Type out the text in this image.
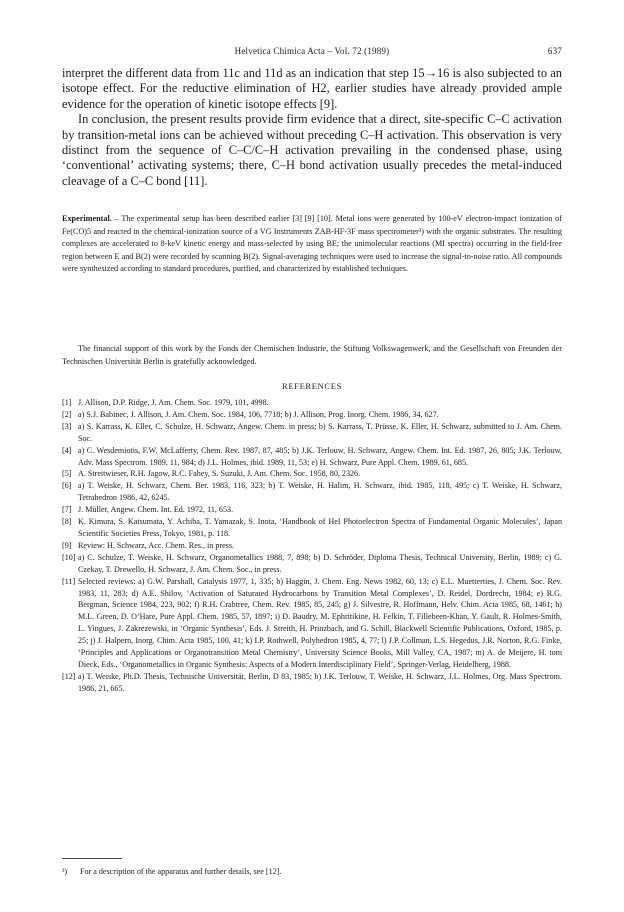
Helvetica Chimica Acta – Vol. 72 (1989)	637

interpret the different data from 11c and 11d as an indication that step 15→16 is also subjected to an isotope effect. For the reductive elimination of H2, earlier studies have already provided ample evidence for the operation of kinetic isotope effects [9].

In conclusion, the present results provide firm evidence that a direct, site-specific C–C activation by transition-metal ions can be achieved without preceding C–H activation. This observation is very distinct from the sequence of C–C/C–H activation prevailing in the condensed phase, using ‘conventional’ activating systems; there, C–H bond activation usually precedes the metal-induced cleavage of a C–C bond [11].

Experimental. – The experimental setup has been described earlier [3] [9] [10]. Metal ions were generated by 100-eV electron-impact ionization of Fe(CO)5 and reacted in the chemical-ionization source of a VG Instruments ZAB-HF-3F mass spectrometer³) with the organic substrates. The resulting complexes are accelerated to 8-keV kinetic energy and mass-selected by using BE; the unimolecular reactions (MI spectra) occurring in the field-free region between E and B(2) were recorded by scanning B(2). Signal-averaging techniques were used to increase the signal-to-noise ratio. All compounds were synthesized according to standard procedures, purified, and characterized by established techniques.

The financial support of this work by the Fonds der Chemischen Industrie, the Stiftung Volkswagenwerk, and the Gesellschaft von Freunden der Technischen Universität Berlin is gratefully acknowledged.

REFERENCES
[1] J. Allison, D.P. Ridge, J. Am. Chem. Soc. 1979, 101, 4998.
[2] a) S.J. Babinec, J. Allison, J. Am. Chem. Soc. 1984, 106, 7718; b) J. Allison, Prog. Inorg. Chem. 1986, 34, 627.
[3] a) S. Karrass, K. Eller, C. Schulze, H. Schwarz, Angew. Chem. in press; b) S. Karrass, T. Prüsse, K. Eller, H. Schwarz, submitted to J. Am. Chem. Soc.
[4] a) C. Wesdemiotis, F.W. McLafferty, Chem. Rev. 1987, 87, 485; b) J.K. Terlouw, H. Schwarz, Angew. Chem. Int. Ed. 1987, 26, 805; J.K. Terlouw, Adv. Mass Spectrom. 1989, 11, 984; d) J.L. Holmes, ibid. 1989, 11, 53; e) H. Schwarz, Pure Appl. Chem. 1989, 61, 685.
[5] A. Streitwieser, R.H. Jagow, R.C. Fahey, S. Suzuki, J. Am. Chem. Soc. 1958, 80, 2326.
[6] a) T. Weiske, H. Schwarz, Chem. Ber. 1983, 116, 323; b) T. Weiske, H. Halim, H. Schwarz, ibid. 1985, 118, 495; c) T. Weiske, H. Schwarz, Tetrahedron 1986, 42, 6245.
[7] J. Müller, Angew. Chem. Int. Ed. 1972, 11, 653.
[8] K. Kimura, S. Katsumata, Y. Achiba, T. Yamazak, S. Inota, ‘Handbook of HeI Photoelectron Spectra of Fundamental Organic Molecules’, Japan Scientific Societies Press, Tokyo, 1981, p. 118.
[9] Review: H. Schwarz, Acc. Chem. Res., in press.
[10] a) C. Schulze, T. Weiske, H. Schwarz, Organometallics 1988, 7, 898; b) D. Schröder, Diploma Thesis, Technical University, Berlin, 1989; c) G. Czekay, T. Drewello, H. Schwarz, J. Am. Chem. Soc., in press.
[11] Selected reviews: a) G.W. Parshall, Catalysis 1977, 1, 335; b) Haggin, J. Chem. Eng. News 1982, 60, 13; c) E.L. Muetterties, J. Chem. Soc. Rev. 1983, 11, 283; d) A.E. Shilov, ‘Activation of Saturated Hydrocarbons by Transition Metal Complexes’, D. Reidel, Dordrecht, 1984; e) R.G. Bergman, Science 1984, 223, 902; f) R.H. Crabtree, Chem. Rev. 1985, 85, 245; g) J. Silvestre, R. Hoffmann, Helv. Chim. Acta 1985, 68, 1461; h) M.L. Green, D. O’Hare, Pure Appl. Chem. 1985, 57, 1897; i) D. Baudry, M. Ephritikine, H. Felkin, T. Fillebeen-Khan, Y. Gault, R. Holmes-Smith, L. Yingues, J. Zakrezewski, in ‘Organic Synthesis’, Eds. J. Streith, H. Prinzbach, and G. Schill, Blackwell Scientific Publications, Oxford, 1985, p. 25; j) J. Halpern, Inorg. Chim. Acta 1985, 100, 41; k) I.P. Rothwell, Polyhedron 1985, 4, 77; l) J.P. Collman, L.S. Hegedus, J.R. Norton, R.G. Finke, ‘Principles and Applications or Organotransition Metal Chemistry’, University Science Books, Mill Valley, CA, 1987; m) A. de Meijere, H. tom Dieck, Eds., ‘Organometallics in Organic Synthesis: Aspects of a Modern Interdisciplinary Field’, Springer-Verlag, Heidelberg, 1988.
[12] a) T. Weiske, Ph.D. Thesis, Technische Universität, Berlin, D 83, 1985; b) J.K. Terlouw, T. Weiske, H. Schwarz, J.L. Holmes, Org. Mass Spectrom. 1986, 21, 665.
³) For a description of the apparatus and further details, see [12].
